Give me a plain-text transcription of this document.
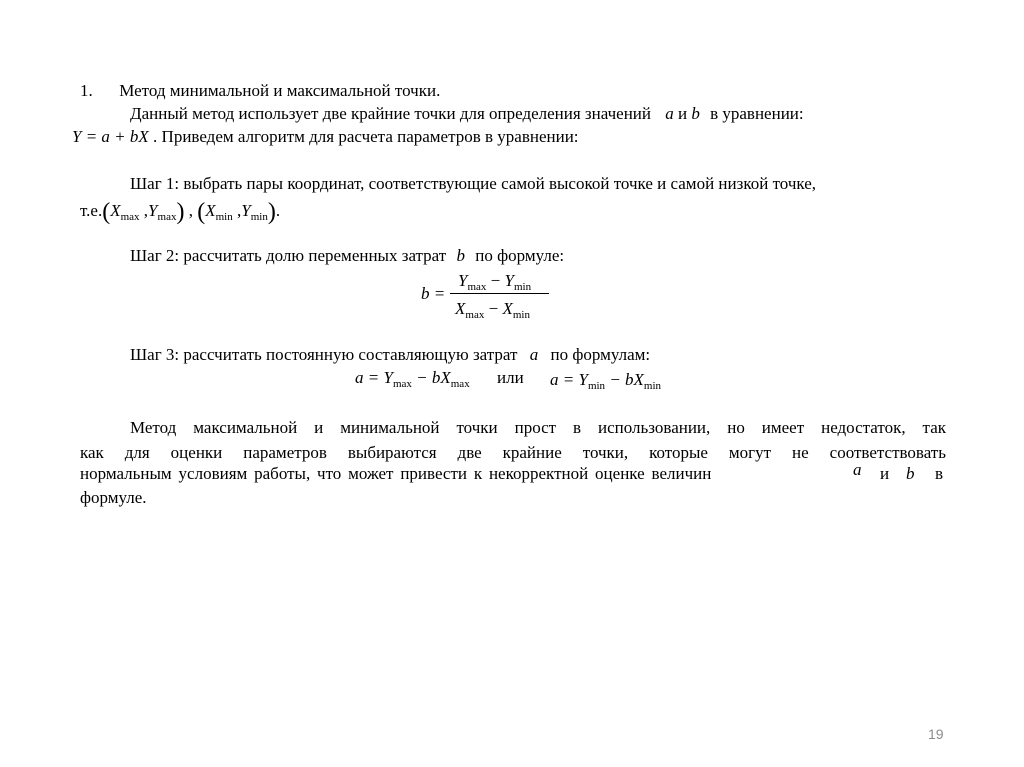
1. Метод минимальной и максимальной точки.
Данный метод использует две крайние точки для определения значений a и b в уравнении:
Y = a + bX . Приведем алгоритм для расчета параметров в уравнении:
Шаг 1: выбрать пары координат, соответствующие самой высокой точке и самой низкой точке,
$т.е.(X_{max}$ $,Y_{max}$) , ($X_{min}$ $,Y_{min}$).
Шаг 2: рассчитать долю переменных затрат b по формуле:
b =
$Y_{max} - Y_{min}$
$X_{max} - X_{min}$
Шаг 3: рассчитать постоянную составляющую затрат a по формулам:
$a = Y_{max} - bX_{max}$ или $a = Y_{min} - bX_{min}$
Метод максимальной и минимальной точки прост в использовании, но имеет недостаток, так
как для оценки параметров выбираются две крайние точки, которые могут не соответствовать
нормальным условиям работы, что может привести к некорректной оценке величин	a и b в
формуле.
19
